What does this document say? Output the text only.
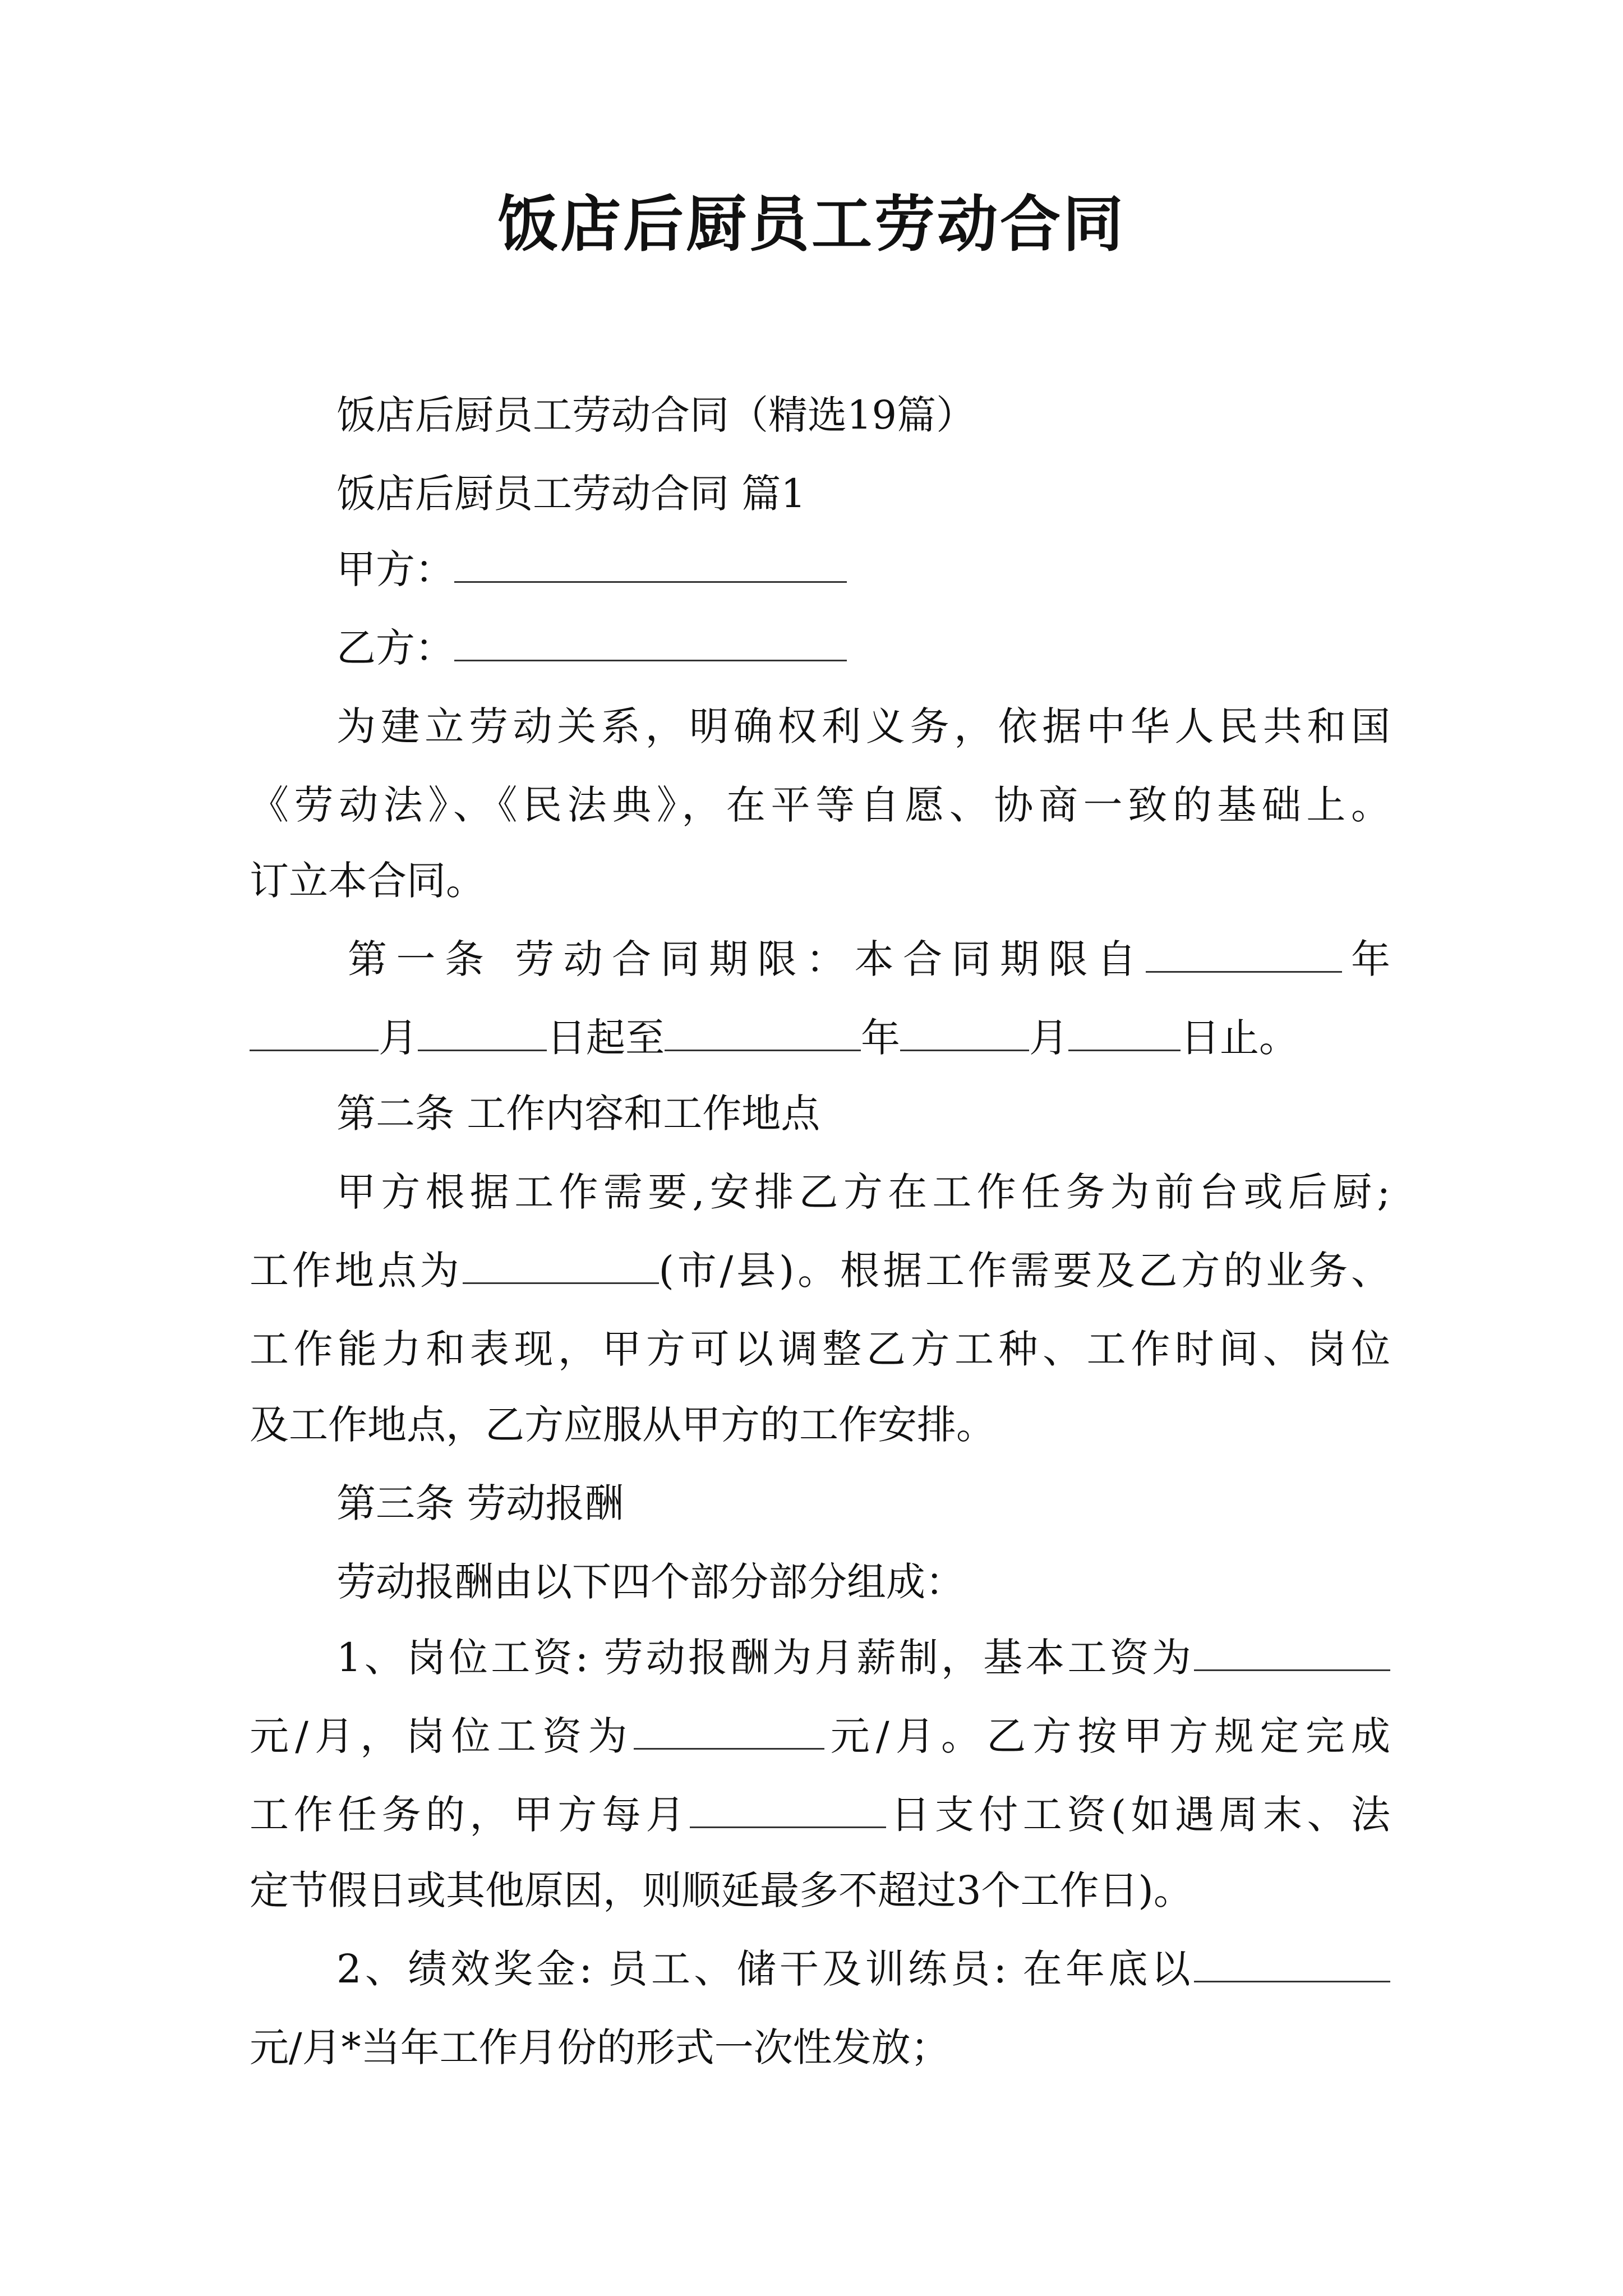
饭店后厨员工劳动合同
饭店后厨员工劳动合同（精选19篇）
饭店后厨员工劳动合同 篇1
甲方：
乙方：
为建立劳动关系，明确权利义务，依据中华人民共和国
《劳动法》、《民法典》，在平等自愿、协商一致的基础上。
订立本合同。
第一条 劳动合同期限：本合同期限自	年
月	日起至	年	月	日止。
第二条 工作内容和工作地点
甲方根据工作需要,安排乙方在工作任务为前台或后厨;
工作地点为	(市/县)。根据工作需要及乙方的业务、
工作能力和表现，甲方可以调整乙方工种、工作时间、岗位
及工作地点，乙方应服从甲方的工作安排。
第三条 劳动报酬
劳动报酬由以下四个部分部分组成：
1、岗位工资: 劳动报酬为月薪制，基本工资为
元/月，岗位工资为	元/月。乙方按甲方规定完成
工作任务的，甲方每月	日支付工资(如遇周末、法
定节假日或其他原因，则顺延最多不超过3个工作日)。
2、绩效奖金: 员工、储干及训练员: 在年底以
元/月*当年工作月份的形式一次性发放；
